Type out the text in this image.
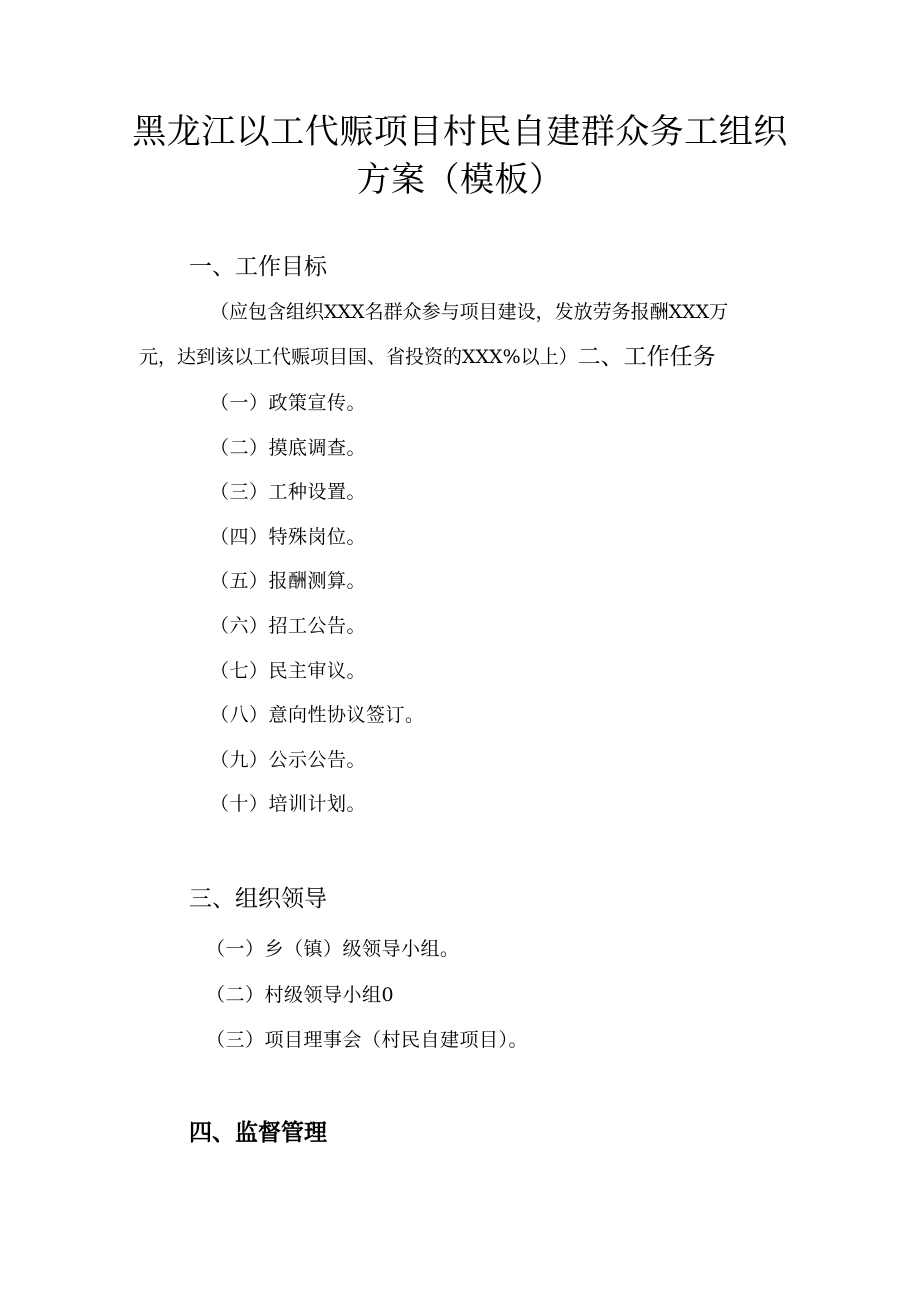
黑龙江以工代赈项目村民自建群众务工组织
方案（模板）
一、工作目标

（应包含组织XXX名群众参与项目建设，发放劳务报酬XXX万

元，达到该以工代赈项目国、省投资的XXX%以上）二、工作任务

（一）政策宣传。
（二）摸底调查。
（三）工种设置。
（四）特殊岗位。
（五）报酬测算。
（六）招工公告。
（七）民主审议。
（八）意向性协议签订。
（九）公示公告。
（十）培训计划。
三、组织领导
（一）乡（镇）级领导小组。
（二）村级领导小组0
（三）项目理事会（村民自建项目）。
四、监督管理
